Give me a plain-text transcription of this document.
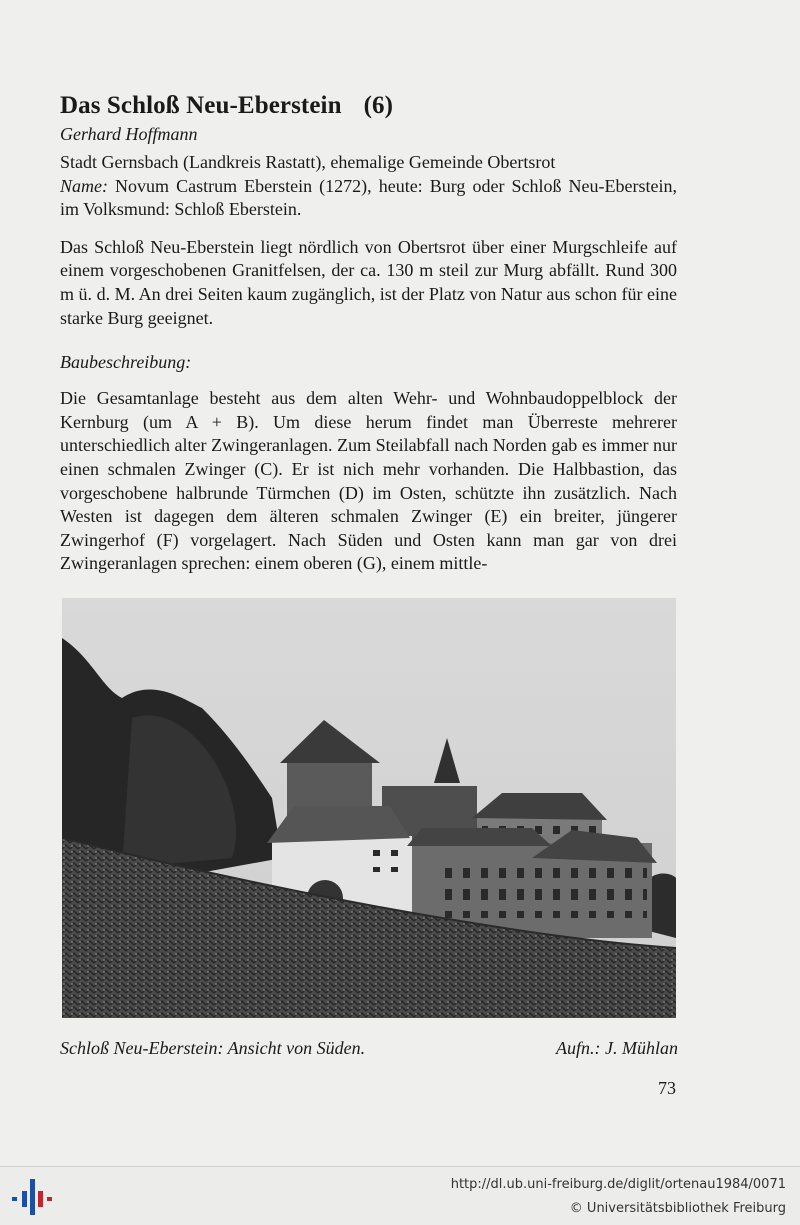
Das Schloß Neu-Eberstein (6)
Gerhard Hoffmann

Stadt Gernsbach (Landkreis Rastatt), ehemalige Gemeinde Obertsrot

Name: Novum Castrum Eberstein (1272), heute: Burg oder Schloß Neu-Eberstein, im Volksmund: Schloß Eberstein.

Das Schloß Neu-Eberstein liegt nördlich von Obertsrot über einer Murgschleife auf einem vorgeschobenen Granitfelsen, der ca. 130 m steil zur Murg abfällt. Rund 300 m ü. d. M. An drei Seiten kaum zugänglich, ist der Platz von Natur aus schon für eine starke Burg geeignet.

Baubeschreibung:

Die Gesamtanlage besteht aus dem alten Wehr- und Wohnbaudoppelblock der Kernburg (um A + B). Um diese herum findet man Überreste mehrerer unterschiedlich alter Zwingeranlagen. Zum Steilabfall nach Norden gab es immer nur einen schmalen Zwinger (C). Er ist nich mehr vorhanden. Die Halbbastion, das vorgeschobene halbrunde Türmchen (D) im Osten, schützte ihn zusätzlich. Nach Westen ist dagegen dem älteren schmalen Zwinger (E) ein breiter, jüngerer Zwingerhof (F) vorgelagert. Nach Süden und Osten kann man gar von drei Zwingeranlagen sprechen: einem oberen (G), einem mittle-

Schloß Neu-Eberstein: Ansicht von Süden.	Aufn.: J. Mühlan
73
http://dl.ub.uni-freiburg.de/diglit/ortenau1984/0071
© Universitätsbibliothek Freiburg
